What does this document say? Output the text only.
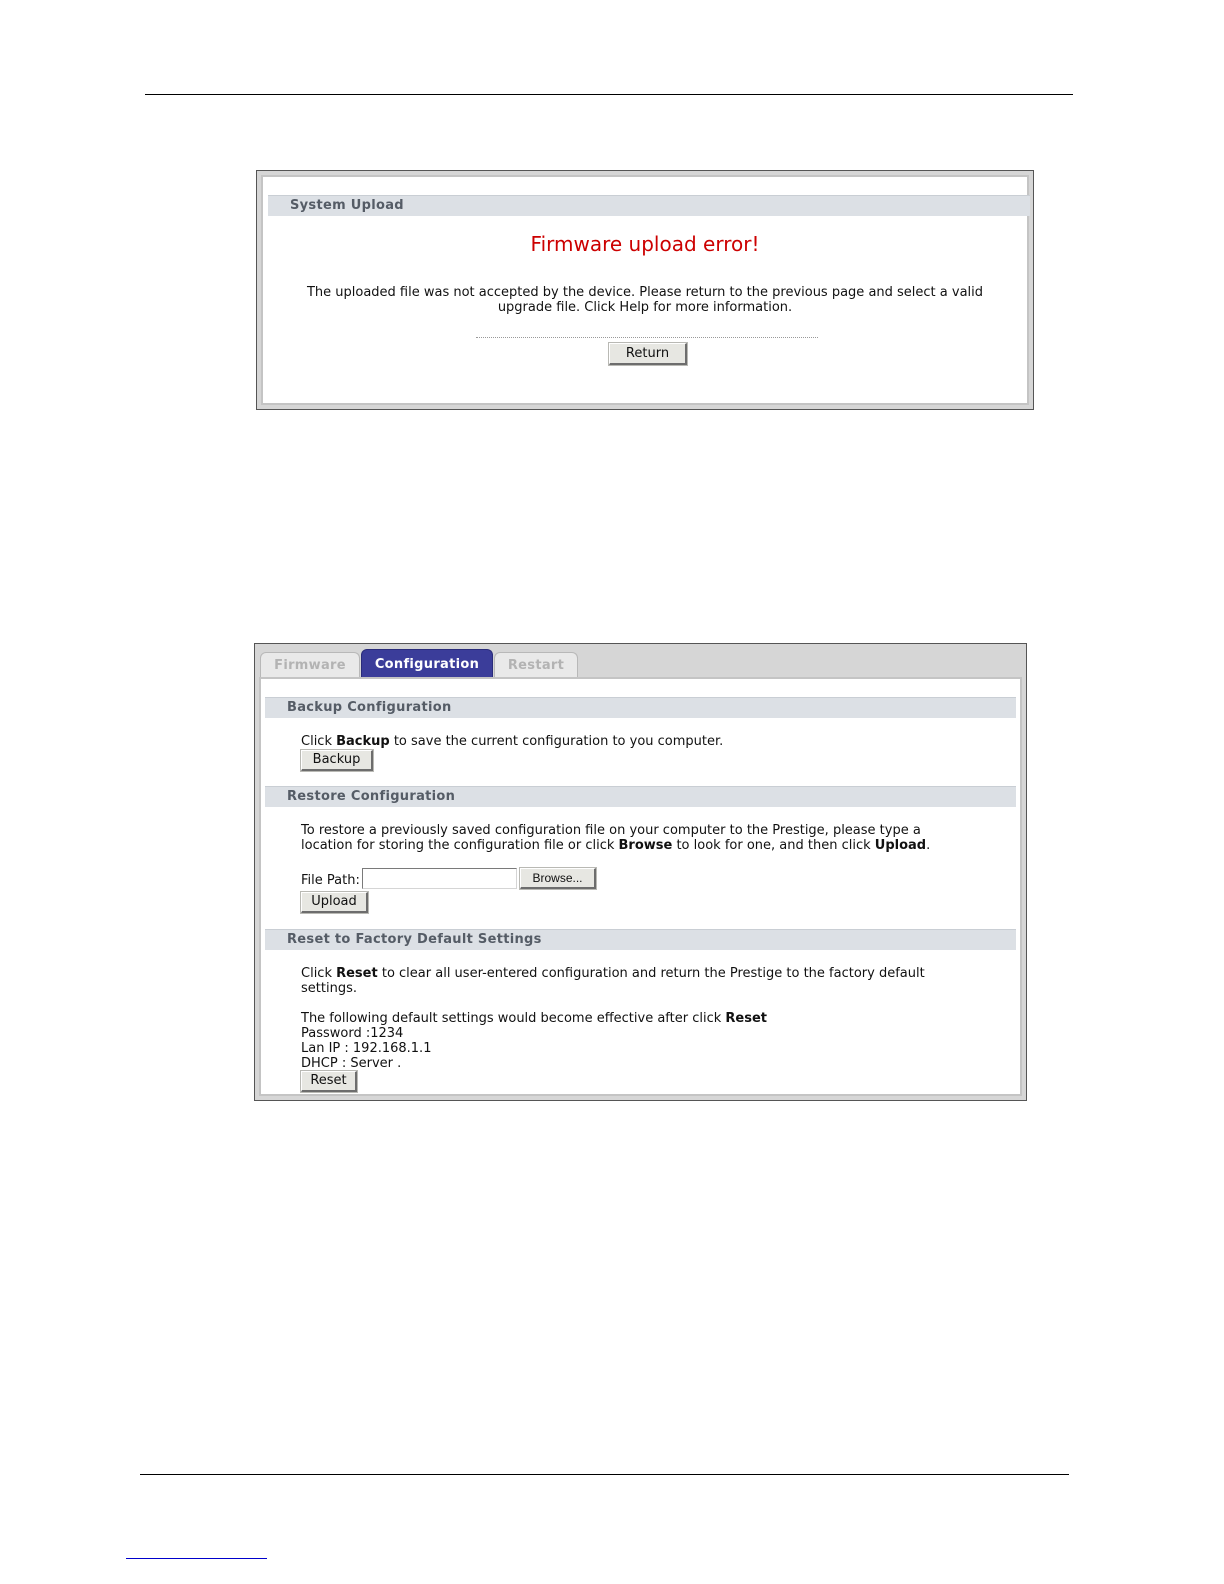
System Upload
Firmware upload error!
The uploaded file was not accepted by the device. Please return to the previous page and select a valid
upgrade file. Click Help for more information.
Return
Firmware	Configuration	Restart
Backup Configuration
Click Backup to save the current configuration to you computer.
Backup
Restore Configuration
To restore a previously saved configuration file on your computer to the Prestige, please type a
location for storing the configuration file or click Browse to look for one, and then click Upload.
File Path:	Browse...
Upload
Reset to Factory Default Settings
Click Reset to clear all user-entered configuration and return the Prestige to the factory default
settings.
The following default settings would become effective after click Reset
Password :1234
Lan IP : 192.168.1.1
DHCP : Server .
Reset
